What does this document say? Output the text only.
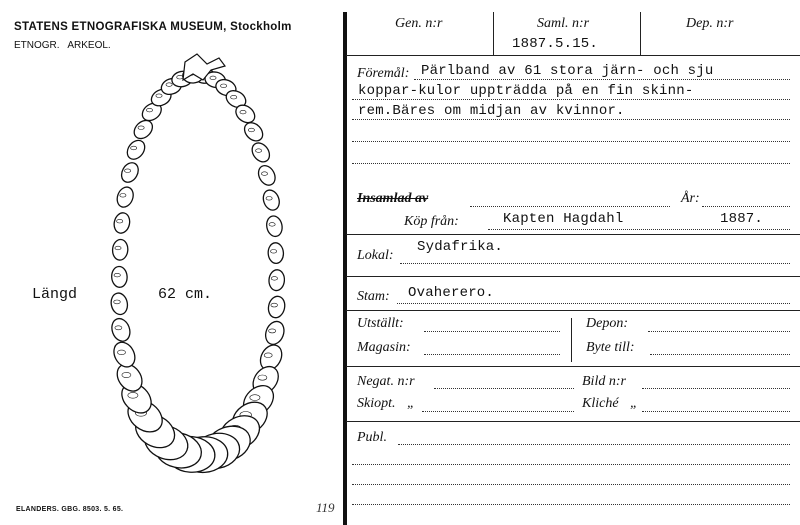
STATENS ETNOGRAFISKA MUSEUM, Stockholm
ETNOGR.   ARKEOL.
Längd	62 cm.
ELANDERS. GBG. 8503. 5. 65.	119
Gen. n:r	Saml. n:r
1887.5.15.
Dep. n:r
Föremål: Pärlband av 61 stora järn- och sju
koppar-kulor uppträdda på en fin skinn-
rem.Bäres om midjan av kvinnor.
Insamlad av	År:
Köp från:	Kapten Hagdahl	1887.
Lokal:
Sydafrika.
Stam: Ovaherero.
Utställt:
Magasin:
Depon:
Byte till:
Negat. n:r	Bild n:r
Skiopt. „	Kliché „
Publ.
